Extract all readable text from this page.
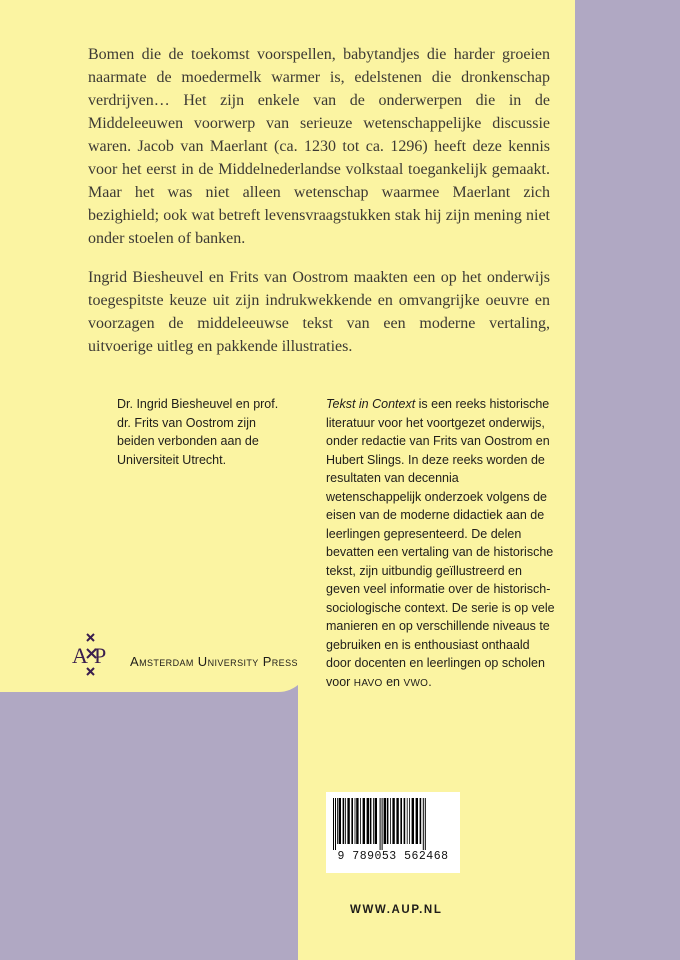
Bomen die de toekomst voorspellen, babytandjes die harder groeien naarmate de moedermelk warmer is, edelstenen die dronkenschap verdrijven… Het zijn enkele van de onderwerpen die in de Middeleeuwen voorwerp van serieuze wetenschappelijke discussie waren. Jacob van Maerlant (ca. 1230 tot ca. 1296) heeft deze kennis voor het eerst in de Middelnederlandse volkstaal toegankelijk gemaakt. Maar het was niet alleen wetenschap waarmee Maerlant zich bezighield; ook wat betreft levensvraagstukken stak hij zijn mening niet onder stoelen of banken.

Ingrid Biesheuvel en Frits van Oostrom maakten een op het onderwijs toegespitste keuze uit zijn indrukwekkende en omvangrijke oeuvre en voorzagen de middeleeuwse tekst van een moderne vertaling, uitvoerige uitleg en pakkende illustraties.

Dr. Ingrid Biesheuvel en prof. dr. Frits van Oostrom zijn beiden verbonden aan de Universiteit Utrecht.
Tekst in Context is een reeks historische literatuur voor het voortgezet onderwijs, onder redactie van Frits van Oostrom en Hubert Slings. In deze reeks worden de resultaten van decennia wetenschappelijk onderzoek volgens de eisen van de moderne didactiek aan de leerlingen gepresenteerd. De delen bevatten een vertaling van de historische tekst, zijn uitbundig geïllustreerd en geven veel informatie over de historisch-sociologische context. De serie is op vele manieren en op verschillende niveaus te gebruiken en is enthousiast onthaald door docenten en leerlingen op scholen voor HAVO en VWO.
A P Amsterdam University Press
9 789053 562468
WWW.AUP.NL
